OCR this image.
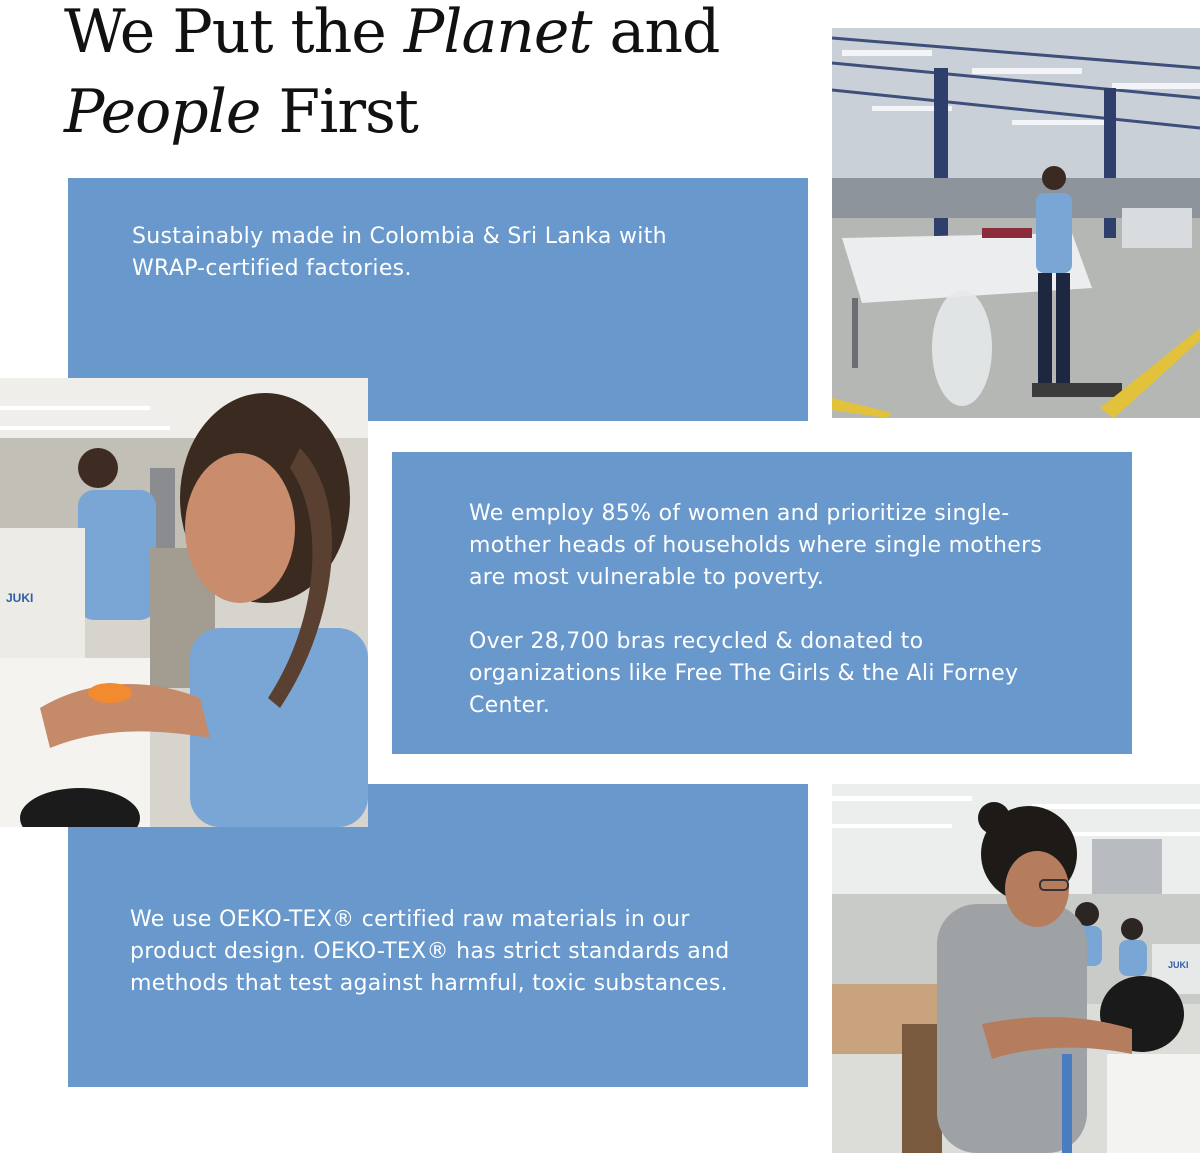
We Put the Planet and
People First

Sustainably made in Colombia & Sri Lanka with WRAP-certified factories.

We employ 85% of women and prioritize single-mother heads of households where single mothers are most vulnerable to poverty.

Over 28,700 bras recycled & donated to organizations like Free The Girls & the Ali Forney Center.

We use OEKO-TEX® certified raw materials in our product design. OEKO-TEX® has strict standards and methods that test against harmful, toxic substances.

JUKI
JUKI
